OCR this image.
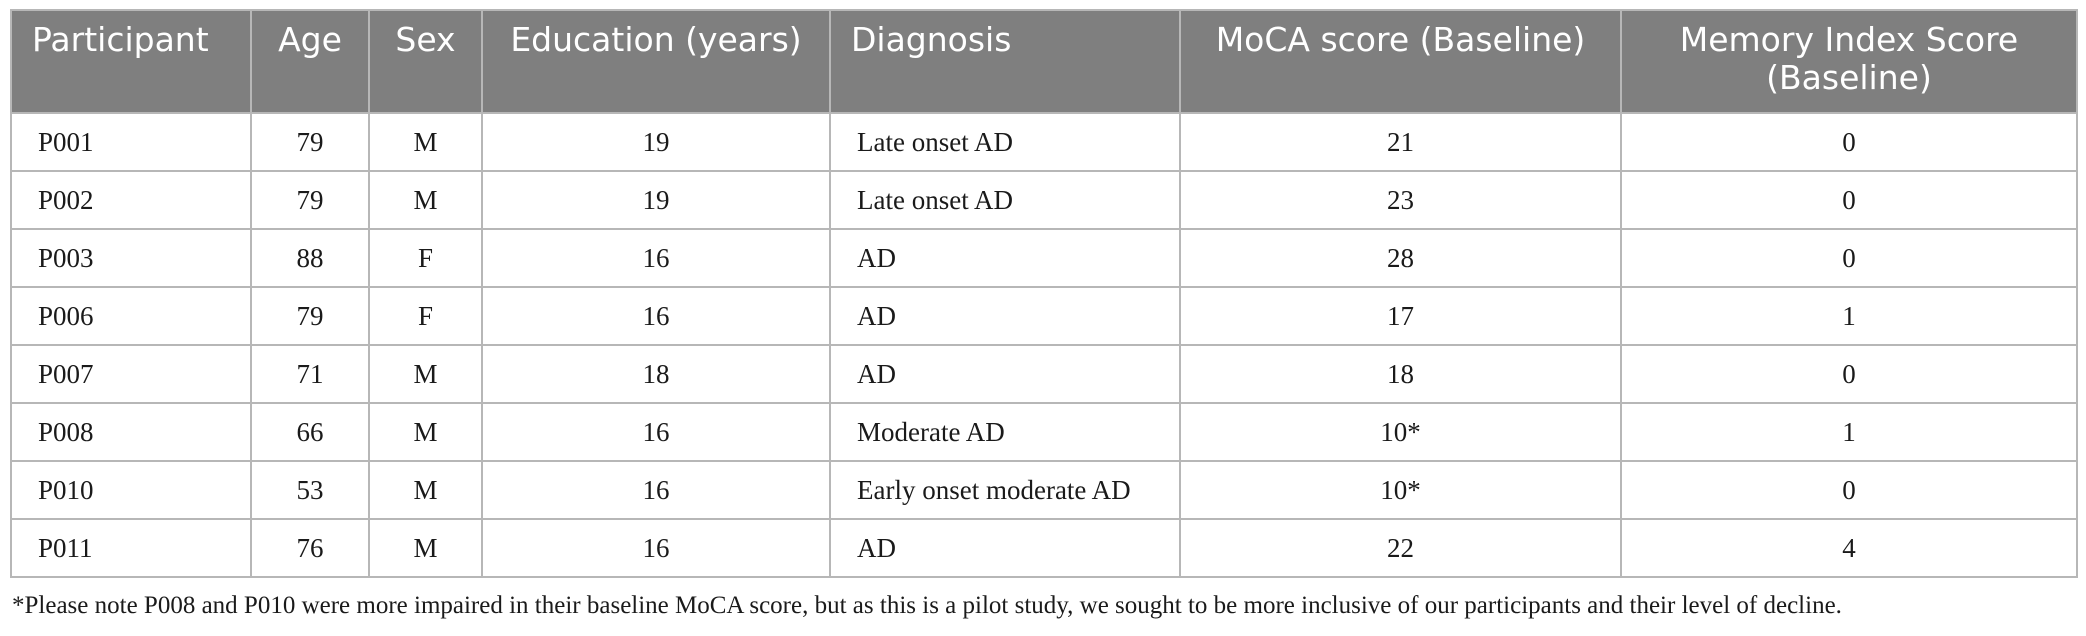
Participant	Age	Sex	Education (years)	Diagnosis	MoCA score (Baseline)	Memory Index Score (Baseline)
P001	79	M	19	Late onset AD	21	0
P002	79	M	19	Late onset AD	23	0
P003	88	F	16	AD	28	0
P006	79	F	16	AD	17	1
P007	71	M	18	AD	18	0
P008	66	M	16	Moderate AD	10*	1
P010	53	M	16	Early onset moderate AD	10*	0
P011	76	M	16	AD	22	4
*Please note P008 and P010 were more impaired in their baseline MoCA score, but as this is a pilot study, we sought to be more inclusive of our participants and their level of decline.
